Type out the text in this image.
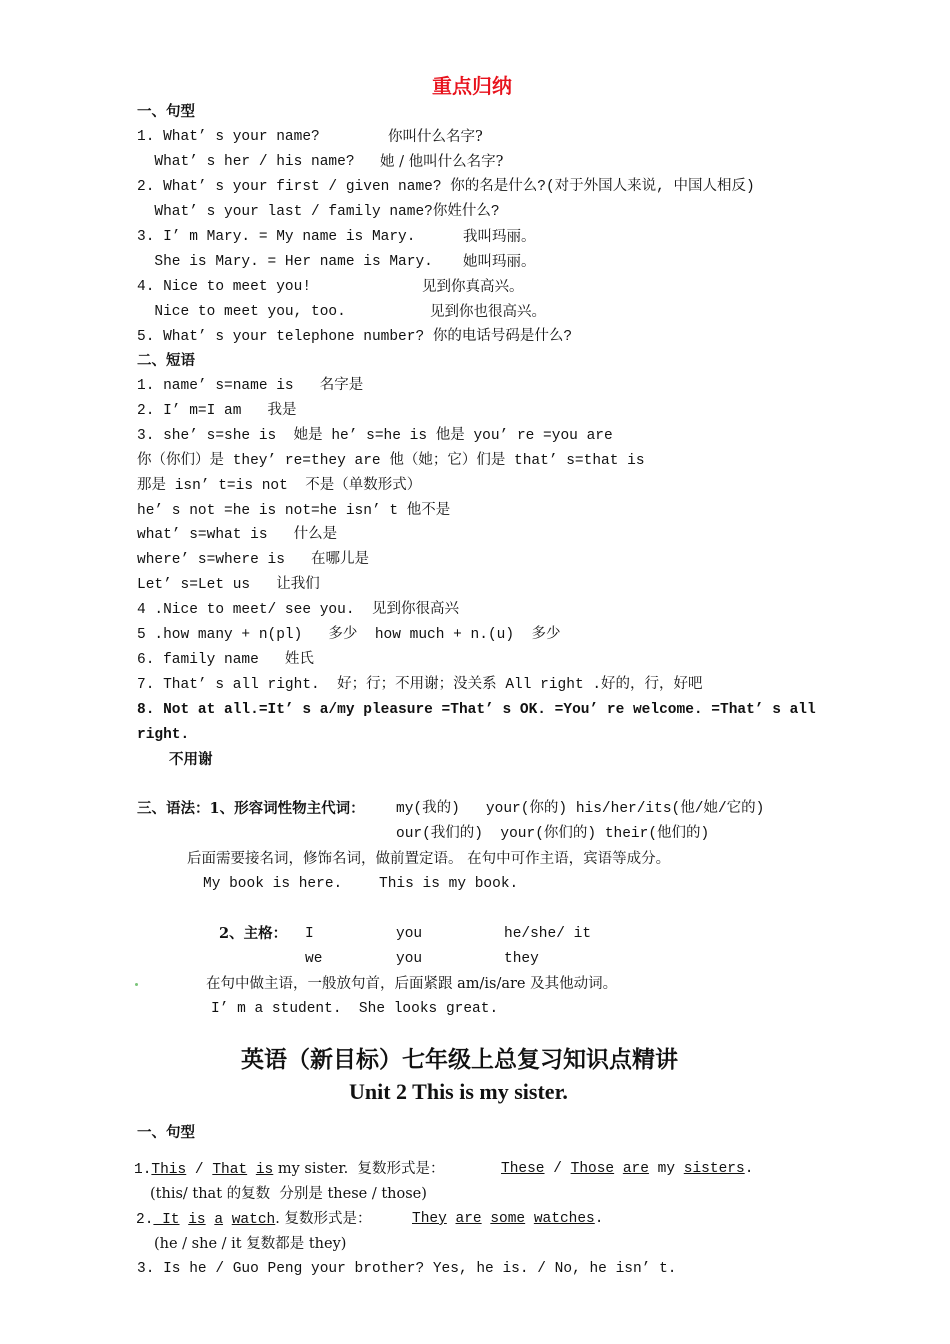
重点归纳
一、句型
1. What’ s your name?	你叫什么名字?
What’ s her / his name? 她 / 他叫什么名字?
2. What’ s your first / given name? 你的名是什么?(对于外国人来说, 中国人相反)
What’ s your last / family name?你姓什么?
3. I’ m Mary. = My name is Mary.	我叫玛丽。
She is Mary. = Her name is Mary. 她叫玛丽。
4. Nice to meet you!	见到你真高兴。
Nice to meet you, too.	见到你也很高兴。
5. What’ s your telephone number? 你的电话号码是什么?
二、短语
1. name’ s=name is   名字是
2. I’ m=I am   我是
3. she’ s=she is  她是 he’ s=he is 他是 you’ re =you are
你（你们）是 they’ re=they are 他（她；它）们是 that’ s=that is
那是 isn’ t=is not  不是（单数形式）
he’ s not =he is not=he isn’ t 他不是
what’ s=what is   什么是
where’ s=where is   在哪儿是
Let’ s=Let us   让我们
4 .Nice to meet/ see you.  见到你很高兴
5 .how many + n(pl)   多少  how much + n.(u)  多少
6. family name   姓氏
7. That’ s all right.  好；行；不用谢；没关系 All right .好的，行，好吧
8. Not at all.=It’ s a/my pleasure =That’ s OK. =You’ re welcome. =That’ s all
right.
不用谢
三、语法：1、形容词性物主代词： my(我的)   your(你的) his/her/its(他/她/它的)
our(我们的)  your(你们的) their(他们的)
后面需要接名词，修饰名词，做前置定语。 在句中可作主语，宾语等成分。
My book is here.	This is my book.
2、主格： I	you	he/she/ it
we	you	they
在句中做主语，一般放句首，后面紧跟 am/is/are 及其他动词。
I’ m a student.  She looks great.
英语（新目标）七年级上总复习知识点精讲
Unit 2 This is my sister.
一、句型
1.This / That is my sister.  复数形式是：	These / Those are my sisters.
(this/ that 的复数  分别是 these / those)
2. It is a watch. 复数形式是：	They are some watches.
(he / she / it 复数都是 they)
3. Is he / Guo Peng your brother? Yes, he is. / No, he isn’ t.
